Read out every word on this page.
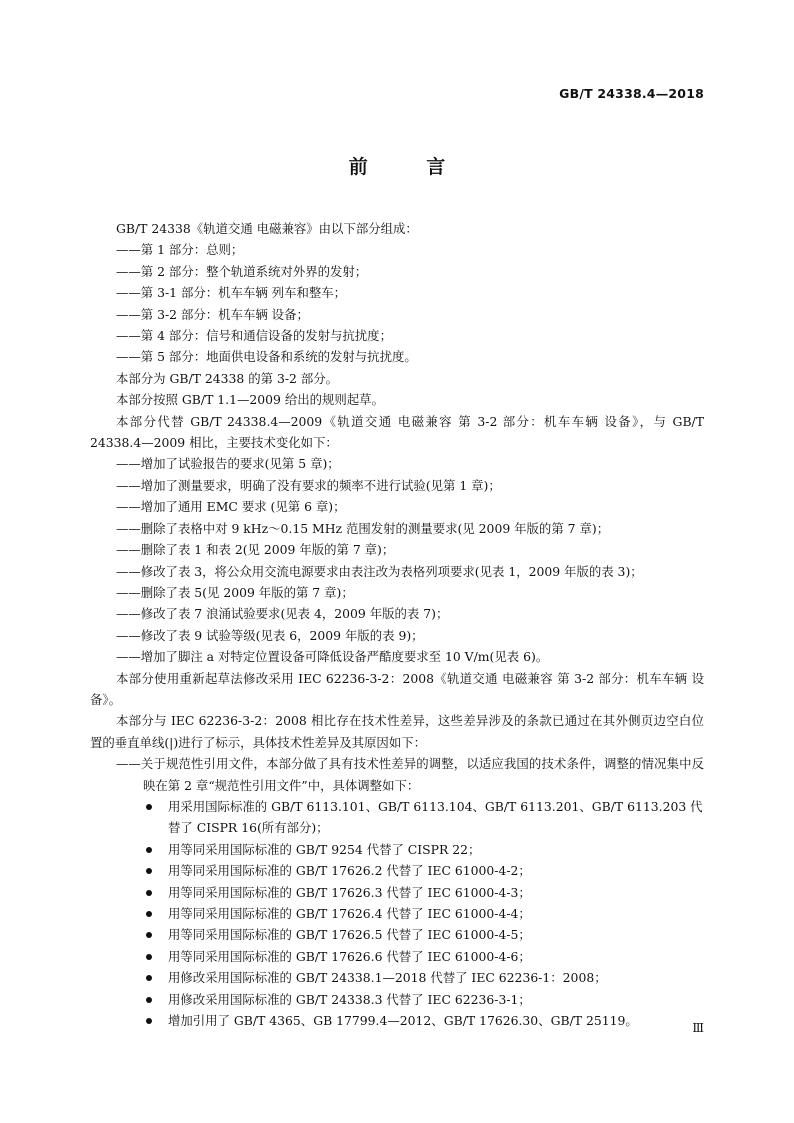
GB/T 24338.4—2018
前 言

GB/T 24338《轨道交通 电磁兼容》由以下部分组成：

——第 1 部分：总则；

——第 2 部分：整个轨道系统对外界的发射；

——第 3-1 部分：机车车辆 列车和整车；

——第 3-2 部分：机车车辆 设备；

——第 4 部分：信号和通信设备的发射与抗扰度；

——第 5 部分：地面供电设备和系统的发射与抗扰度。

本部分为 GB/T 24338 的第 3-2 部分。

本部分按照 GB/T 1.1—2009 给出的规则起草。

本部分代替 GB/T 24338.4—2009《轨道交通 电磁兼容 第 3-2 部分：机车车辆 设备》，与 GB/T 24338.4—2009 相比，主要技术变化如下：

——增加了试验报告的要求(见第 5 章)；

——增加了测量要求，明确了没有要求的频率不进行试验(见第 1 章)；

——增加了通用 EMC 要求 (见第 6 章)；

——删除了表格中对 9 kHz～0.15 MHz 范围发射的测量要求(见 2009 年版的第 7 章)；

——删除了表 1 和表 2(见 2009 年版的第 7 章)；

——修改了表 3，将公众用交流电源要求由表注改为表格列项要求(见表 1，2009 年版的表 3)；

——删除了表 5(见 2009 年版的第 7 章)；

——修改了表 7 浪涌试验要求(见表 4，2009 年版的表 7)；

——修改了表 9 试验等级(见表 6，2009 年版的表 9)；

——增加了脚注 a 对特定位置设备可降低设备严酷度要求至 10 V/m(见表 6)。

本部分使用重新起草法修改采用 IEC 62236-3-2：2008《轨道交通 电磁兼容 第 3-2 部分：机车车辆 设备》。

本部分与 IEC 62236-3-2：2008 相比存在技术性差异，这些差异涉及的条款已通过在其外侧页边空白位置的垂直单线(|)进行了标示，具体技术性差异及其原因如下：

——关于规范性引用文件，本部分做了具有技术性差异的调整，以适应我国的技术条件，调整的情况集中反映在第 2 章“规范性引用文件”中，具体调整如下：

用采用国际标准的 GB/T 6113.101、GB/T 6113.104、GB/T 6113.201、GB/T 6113.203 代替了 CISPR 16(所有部分)；
用等同采用国际标准的 GB/T 9254 代替了 CISPR 22；
用等同采用国际标准的 GB/T 17626.2 代替了 IEC 61000-4-2；
用等同采用国际标准的 GB/T 17626.3 代替了 IEC 61000-4-3；
用等同采用国际标准的 GB/T 17626.4 代替了 IEC 61000-4-4；
用等同采用国际标准的 GB/T 17626.5 代替了 IEC 61000-4-5；
用等同采用国际标准的 GB/T 17626.6 代替了 IEC 61000-4-6；
用修改采用国际标准的 GB/T 24338.1—2018 代替了 IEC 62236-1：2008；
用修改采用国际标准的 GB/T 24338.3 代替了 IEC 62236-3-1；
增加引用了 GB/T 4365、GB 17799.4—2012、GB/T 17626.30、GB/T 25119。	Ⅲ
